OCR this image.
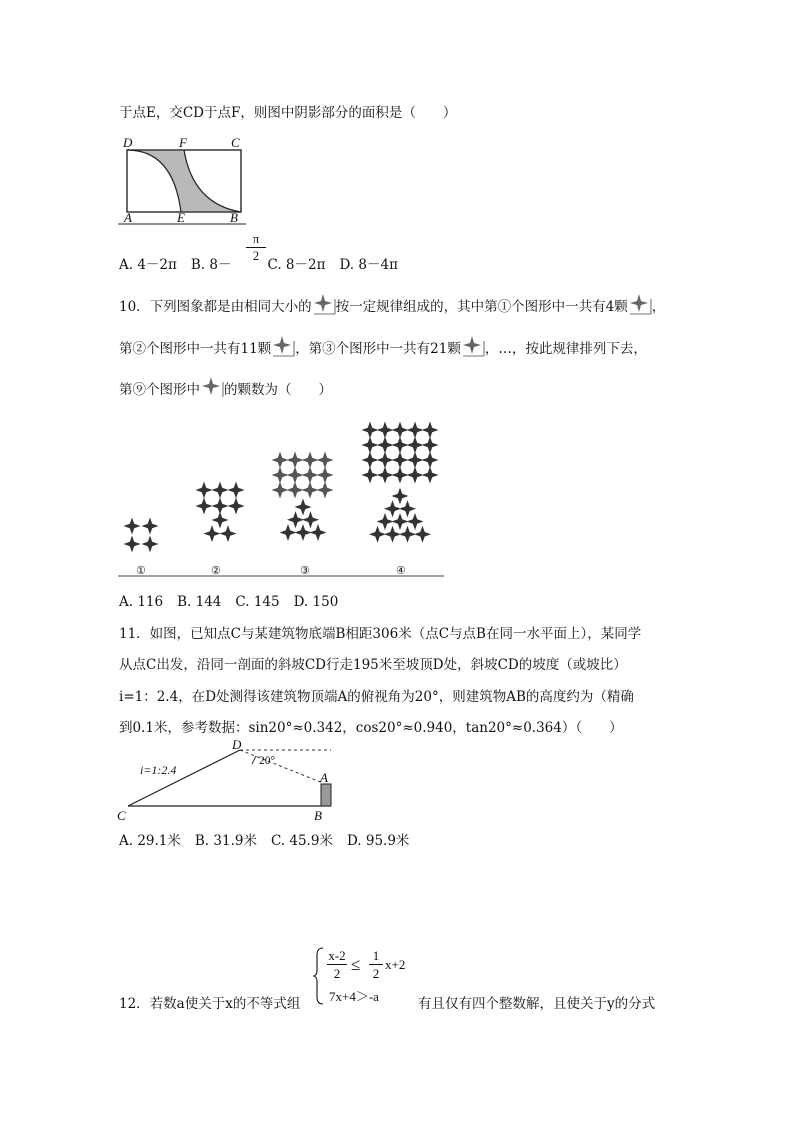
于点E，交CD于点F，则图中阴影部分的面积是（　　）
D	F	C
A	E	B
A. 4－2π B. 8－	C. 8－2π D. 8－4π
π
2
10．下列图象都是由相同大小的 按一定规律组成的，其中第①个图形中一共有4颗 ，
第②个图形中一共有11颗 ，第③个图形中一共有21颗 ，…，按此规律排列下去，
第⑨个图形中 的颗数为（　　）
①	②	③	④
A. 116 B. 144 C. 145 D. 150
11．如图，已知点C与某建筑物底端B相距306米（点C与点B在同一水平面上），某同学
从点C出发，沿同一剖面的斜坡CD行走195米至坡顶D处，斜坡CD的坡度（或坡比）
i=1：2.4，在D处测得该建筑物顶端A的俯视角为20°，则建筑物AB的高度约为（精确
到0.1米，参考数据：sin20°≈0.342，cos20°≈0.940，tan20°≈0.364）（　　）
D
A
C	B
i=1:2.4
20°
A. 29.1米 B. 31.9米 C. 45.9米 D. 95.9米
12．若数a使关于x的不等式组
x-2
2 ≤ 1
2
x+2
7x+4＞-a	有且仅有四个整数解，且使关于y的分式
